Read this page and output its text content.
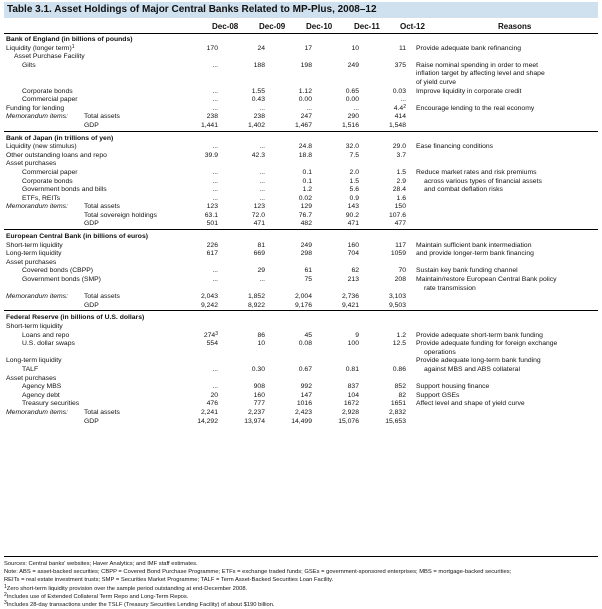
Table 3.1. Asset Holdings of Major Central Banks Related to MP-Plus, 2008–12
Dec-08	Dec-09	Dec-10	Dec-11	Oct-12	Reasons
Bank of England (in billions of pounds)
Liquidity (longer term)$^1$	170	24	17	10	11 Provide adequate bank refinancing
Asset Purchase Facility
Gilts	...	188	198	249	375 Raise nominal spending in order to meet
inflation target by affecting level and shape
of yield curve
Corporate bonds	...	1.55	1.12	0.65	0.03 Improve liquidity in corporate credit
Commercial paper	...	0.43	0.00	0.00	...
Funding for lending	...	...	...	...	$4.4^2$ Encourage lending to the real economy
Memorandum items: Total assets	238	238	247	290	414
GDP	1,441	1,402	1,467	1,516	1,548
Bank of Japan (in trillions of yen)
Liquidity (new stimulus)	...	...	24.8	32.0	29.0 Ease financing conditions
Other outstanding loans and repo	39.9	42.3	18.8	7.5	3.7
Asset purchases
Commercial paper	...	...	0.1	2.0	1.5 Reduce market rates and risk premiums
Corporate bonds	...	...	0.1	1.5	2.9	across various types of financial assets
Government bonds and bills	...	...	1.2	5.6	28.4	and combat deflation risks
ETFs, REITs	...	...	0.02	0.9	1.6
Memorandum items: Total assets	123	123	129	143	150
Total sovereign holdings	63.1	72.0	76.7	90.2	107.6
GDP	501	471	482	471	477
European Central Bank (in billions of euros)
Short-term liquidity	226	81	249	160	117 Maintain sufficient bank intermediation
Long-term liquidity	617	669	298	704	1059 and provide longer-term bank financing
Asset purchases
Covered bonds (CBPP)	...	29	61	62	70 Sustain key bank funding channel
Government bonds (SMP)	...	...	75	213	208 Maintain/restore European Central Bank policy
rate transmission
Memorandum items: Total assets	2,043	1,852	2,004	2,736	3,103
GDP	9,242	8,922	9,176	9,421	9,503
Federal Reserve (in billions of U.S. dollars)
Short-term liquidity
Loans and repo	$274^3$	86	45	9	1.2 Provide adequate short-term bank funding
U.S. dollar swaps	554	10	0.08	100	12.5 Provide adequate funding for foreign exchange
operations
Long-term liquidity	Provide adequate long-term bank funding
TALF	...	0.30	0.67	0.81	0.86	against MBS and ABS collateral
Asset purchases
Agency MBS	...	908	992	837	852 Support housing finance
Agency debt	20	160	147	104	82 Support GSEs
Treasury securities	476	777	1016	1672	1651 Affect level and shape of yield curve
Memorandum items: Total assets	2,241	2,237	2,423	2,928	2,832
GDP	14,292	13,974	14,499	15,076	15,653
Sources: Central banks' websites; Haver Analytics; and IMF staff estimates.
Note: ABS = asset-backed securities; CBPP = Covered Bond Purchase Programme; ETFs = exchange traded funds; GSEs = government-sponsored enterprises; MBS = mortgage-backed securities;
REITs = real estate investment trusts; SMP = Securities Market Programme; TALF = Term Asset-Backed Securities Loan Facility.
$^1$Zero short-term liquidity provision over the sample period outstanding at end-December 2008.
$^2$Includes use of Extended Collateral Term Repo and Long-Term Repos.
$^3$Includes 28-day transactions under the TSLF (Treasury Securities Lending Facility) of about $190 billion.
